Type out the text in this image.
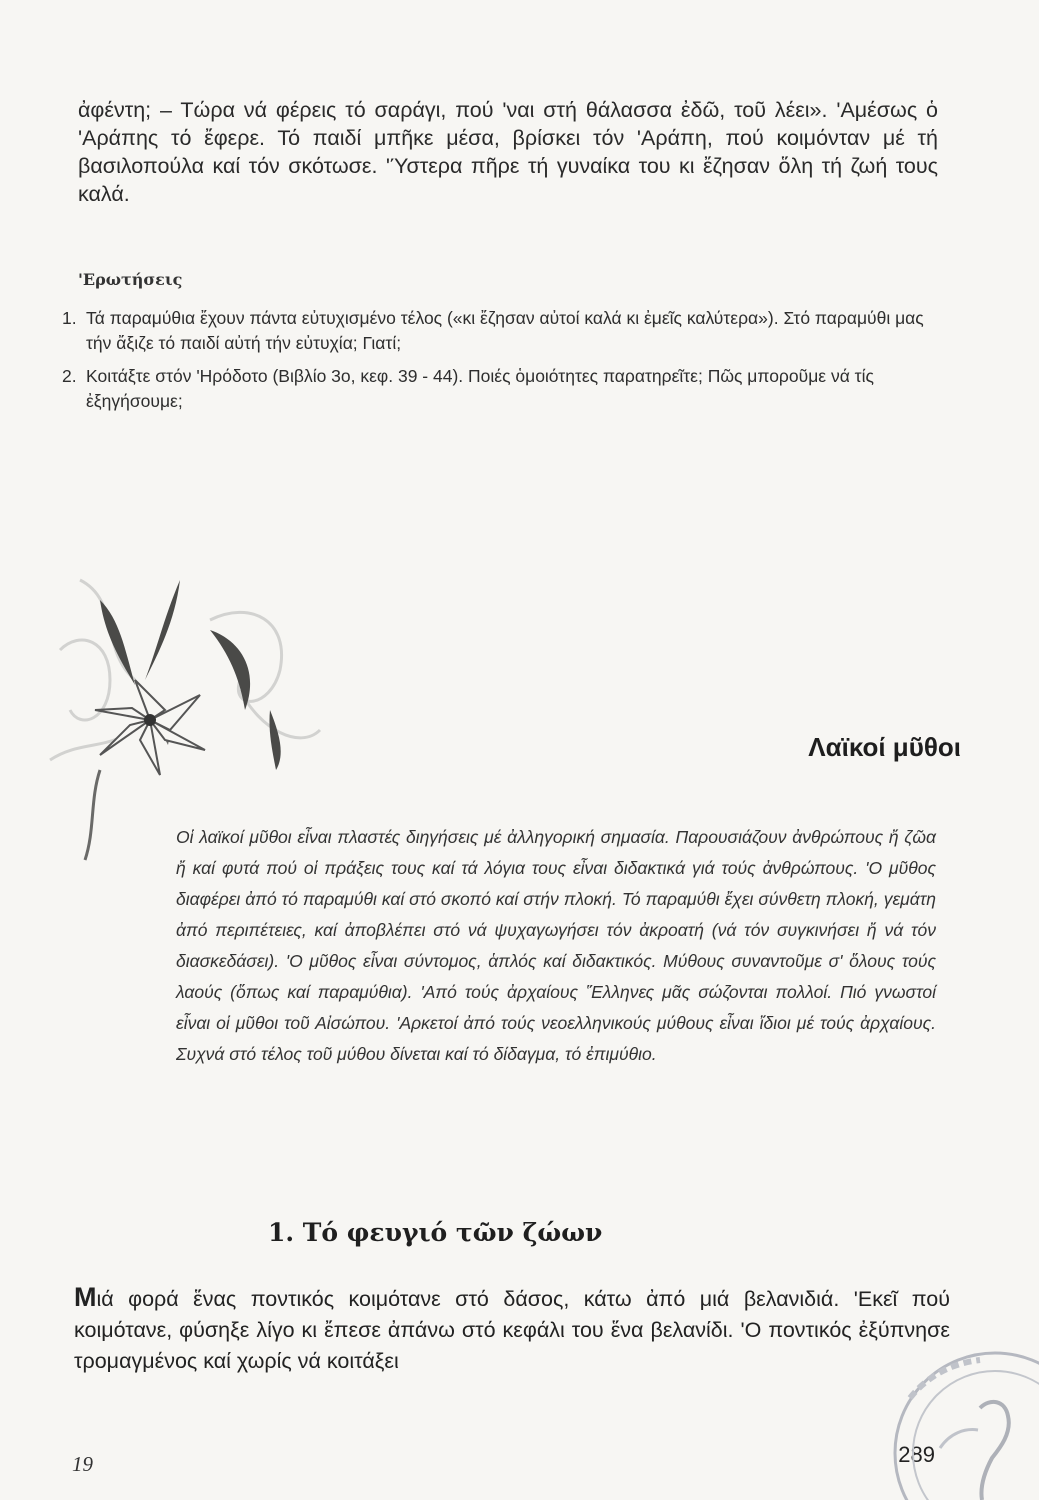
ἀφέντη; – Τώρα νά φέρεις τό σαράγι, πού 'ναι στή θάλασσα ἐδῶ, τοῦ λέει». 'Αμέσως ὁ 'Αράπης τό ἔφερε. Τό παιδί μπῆκε μέσα, βρίσκει τόν 'Αράπη, πού κοιμόνταν μέ τή βασιλοπούλα καί τόν σκότωσε. 'Ύστερα πῆρε τή γυναίκα του κι ἔζησαν ὅλη τή ζωή τους καλά.

'Ερωτήσεις
1. Τά παραμύθια ἔχουν πάντα εὐτυχισμένο τέλος («κι ἔζησαν αὐτοί καλά κι ἐμεῖς καλύτερα»). Στό παραμύθι μας τήν ἄξιζε τό παιδί αὐτή τήν εὐτυχία; Γιατί;
2. Κοιτάξτε στόν 'Ηρόδοτο (Βιβλίο 3ο, κεφ. 39 - 44). Ποιές ὁμοιότητες παρατηρεῖτε; Πῶς μποροῦμε νά τίς ἐξηγήσουμε;
Λαϊκοί μῦθοι

Οἱ λαϊκοί μῦθοι εἶναι πλαστές διηγήσεις μέ ἀλληγορική σημασία. Παρουσιάζουν ἀνθρώπους ἤ ζῶα ἤ καί φυτά πού οἱ πράξεις τους καί τά λόγια τους εἶναι διδακτικά γιά τούς ἀνθρώπους. 'Ο μῦθος διαφέρει ἀπό τό παραμύθι καί στό σκοπό καί στήν πλοκή. Τό παραμύθι ἔχει σύνθετη πλοκή, γεμάτη ἀπό περιπέτειες, καί ἀποβλέπει στό νά ψυχαγωγήσει τόν ἀκροατή (νά τόν συγκινήσει ἤ νά τόν διασκεδάσει). 'Ο μῦθος εἶναι σύντομος, ἁπλός καί διδακτικός. Μύθους συναντοῦμε σ' ὅλους τούς λαούς (ὅπως καί παραμύθια). 'Από τούς ἀρχαίους Ἕλληνες μᾶς σώζονται πολλοί. Πιό γνωστοί εἶναι οἱ μῦθοι τοῦ Αἰσώπου. 'Αρκετοί ἀπό τούς νεοελληνικούς μύθους εἶναι ἴδιοι μέ τούς ἀρχαίους. Συχνά στό τέλος τοῦ μύθου δίνεται καί τό δίδαγμα, τό ἐπιμύθιο.

1. Τό φευγιό τῶν ζώων

Μιά φορά ἕνας ποντικός κοιμότανε στό δάσος, κάτω ἀπό μιά βελανιδιά. 'Εκεῖ πού κοιμότανε, φύσηξε λίγο κι ἔπεσε ἀπάνω στό κεφάλι του ἕνα βελανίδι. 'Ο ποντικός ἐξύπνησε τρομαγμένος καί χωρίς νά κοιτάξει

19	289
